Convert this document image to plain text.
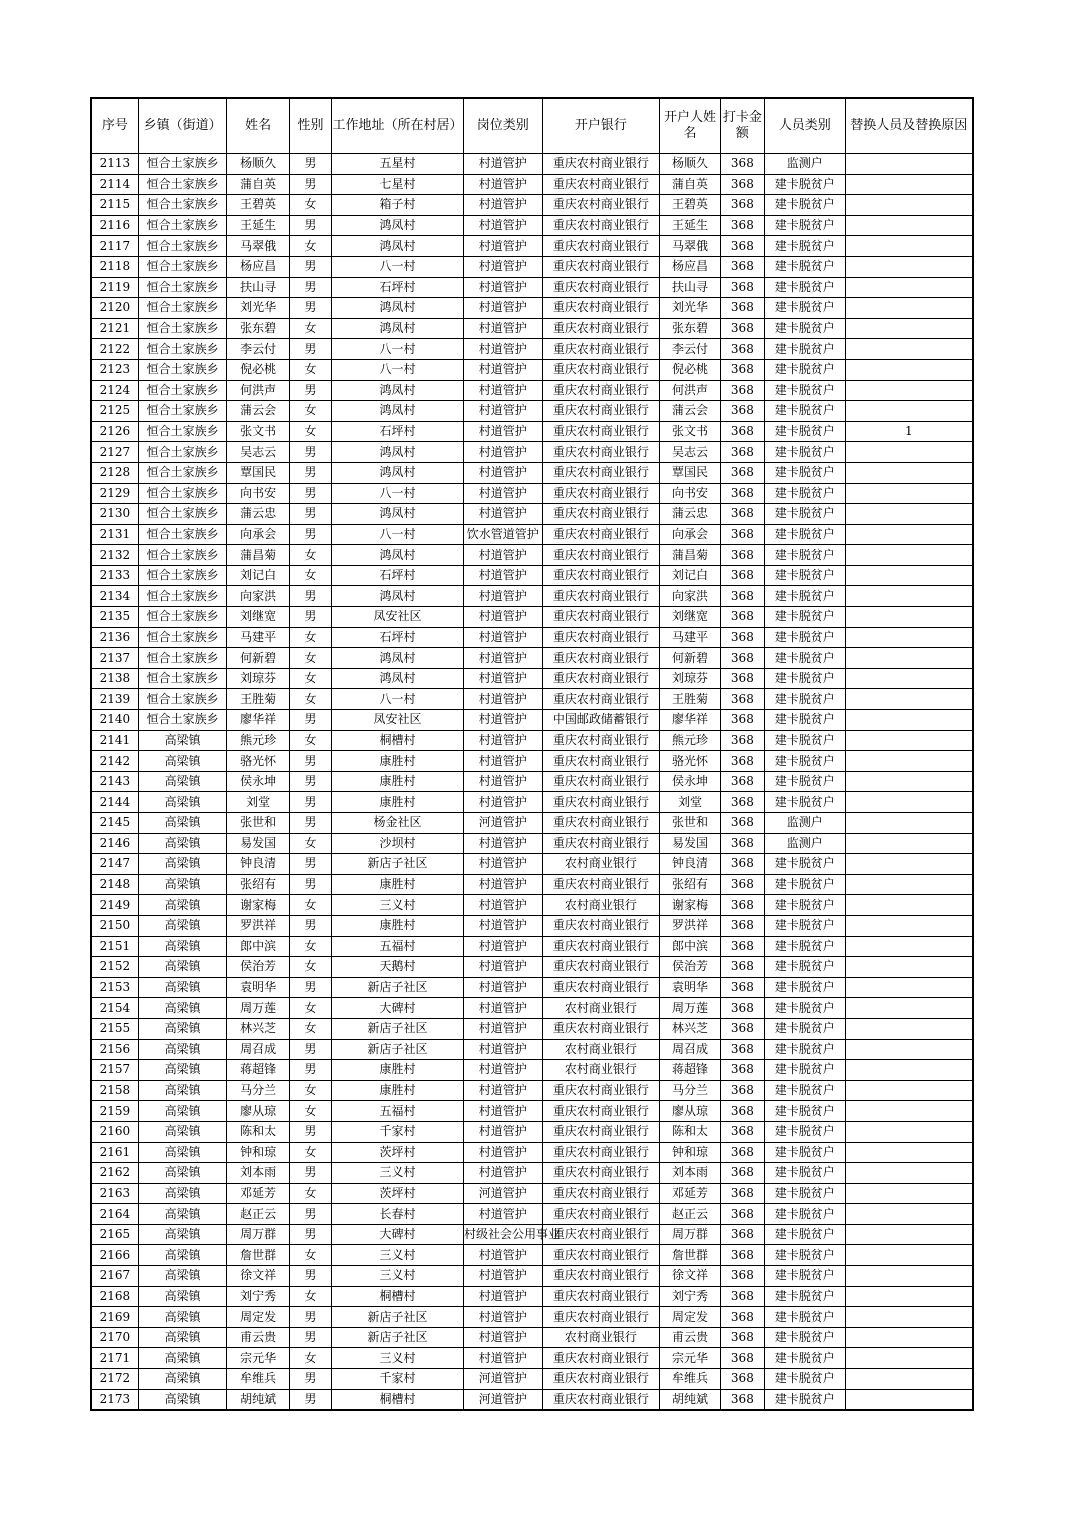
序号	乡镇（街道）	姓名	性别	工作地址（所在村居）	岗位类别	开户银行	开户人姓名	打卡金额	人员类别	替换人员及替换原因

2113	恒合土家族乡	杨顺久	男	五星村	村道管护	重庆农村商业银行	杨顺久	368	监测户	

2114	恒合土家族乡	蒲自英	男	七星村	村道管护	重庆农村商业银行	蒲自英	368	建卡脱贫户	

2115	恒合土家族乡	王碧英	女	箱子村	村道管护	重庆农村商业银行	王碧英	368	建卡脱贫户	

2116	恒合土家族乡	王延生	男	鸿凤村	村道管护	重庆农村商业银行	王延生	368	建卡脱贫户	

2117	恒合土家族乡	马翠俄	女	鸿凤村	村道管护	重庆农村商业银行	马翠俄	368	建卡脱贫户	

2118	恒合土家族乡	杨应昌	男	八一村	村道管护	重庆农村商业银行	杨应昌	368	建卡脱贫户	

2119	恒合土家族乡	扶山寻	男	石坪村	村道管护	重庆农村商业银行	扶山寻	368	建卡脱贫户	

2120	恒合土家族乡	刘光华	男	鸿凤村	村道管护	重庆农村商业银行	刘光华	368	建卡脱贫户	

2121	恒合土家族乡	张东碧	女	鸿凤村	村道管护	重庆农村商业银行	张东碧	368	建卡脱贫户	

2122	恒合土家族乡	李云付	男	八一村	村道管护	重庆农村商业银行	李云付	368	建卡脱贫户	

2123	恒合土家族乡	倪必桃	女	八一村	村道管护	重庆农村商业银行	倪必桃	368	建卡脱贫户	

2124	恒合土家族乡	何洪声	男	鸿凤村	村道管护	重庆农村商业银行	何洪声	368	建卡脱贫户	

2125	恒合土家族乡	蒲云会	女	鸿凤村	村道管护	重庆农村商业银行	蒲云会	368	建卡脱贫户	

2126	恒合土家族乡	张文书	女	石坪村	村道管护	重庆农村商业银行	张文书	368	建卡脱贫户	1

2127	恒合土家族乡	吴志云	男	鸿凤村	村道管护	重庆农村商业银行	吴志云	368	建卡脱贫户	

2128	恒合土家族乡	覃国民	男	鸿凤村	村道管护	重庆农村商业银行	覃国民	368	建卡脱贫户	

2129	恒合土家族乡	向书安	男	八一村	村道管护	重庆农村商业银行	向书安	368	建卡脱贫户	

2130	恒合土家族乡	蒲云忠	男	鸿凤村	村道管护	重庆农村商业银行	蒲云忠	368	建卡脱贫户	

2131	恒合土家族乡	向承会	男	八一村	饮水管道管护	重庆农村商业银行	向承会	368	建卡脱贫户	

2132	恒合土家族乡	蒲昌菊	女	鸿凤村	村道管护	重庆农村商业银行	蒲昌菊	368	建卡脱贫户	

2133	恒合土家族乡	刘记白	女	石坪村	村道管护	重庆农村商业银行	刘记白	368	建卡脱贫户	

2134	恒合土家族乡	向家洪	男	鸿凤村	村道管护	重庆农村商业银行	向家洪	368	建卡脱贫户	

2135	恒合土家族乡	刘继宽	男	凤安社区	村道管护	重庆农村商业银行	刘继宽	368	建卡脱贫户	

2136	恒合土家族乡	马建平	女	石坪村	村道管护	重庆农村商业银行	马建平	368	建卡脱贫户	

2137	恒合土家族乡	何新碧	女	鸿凤村	村道管护	重庆农村商业银行	何新碧	368	建卡脱贫户	

2138	恒合土家族乡	刘琼芬	女	鸿凤村	村道管护	重庆农村商业银行	刘琼芬	368	建卡脱贫户	

2139	恒合土家族乡	王胜菊	女	八一村	村道管护	重庆农村商业银行	王胜菊	368	建卡脱贫户	

2140	恒合土家族乡	廖华祥	男	凤安社区	村道管护	中国邮政储蓄银行	廖华祥	368	建卡脱贫户	

2141	高梁镇	熊元珍	女	桐槽村	村道管护	重庆农村商业银行	熊元珍	368	建卡脱贫户	

2142	高梁镇	骆光怀	男	康胜村	村道管护	重庆农村商业银行	骆光怀	368	建卡脱贫户	

2143	高梁镇	侯永坤	男	康胜村	村道管护	重庆农村商业银行	侯永坤	368	建卡脱贫户	

2144	高梁镇	刘堂	男	康胜村	村道管护	重庆农村商业银行	刘堂	368	建卡脱贫户	

2145	高梁镇	张世和	男	杨金社区	河道管护	重庆农村商业银行	张世和	368	监测户	

2146	高梁镇	易发国	女	沙坝村	村道管护	重庆农村商业银行	易发国	368	监测户	

2147	高梁镇	钟良清	男	新店子社区	村道管护	农村商业银行	钟良清	368	建卡脱贫户	

2148	高梁镇	张绍有	男	康胜村	村道管护	重庆农村商业银行	张绍有	368	建卡脱贫户	

2149	高梁镇	谢家梅	女	三义村	村道管护	农村商业银行	谢家梅	368	建卡脱贫户	

2150	高梁镇	罗洪祥	男	康胜村	村道管护	重庆农村商业银行	罗洪祥	368	建卡脱贫户	

2151	高梁镇	郎中滨	女	五福村	村道管护	重庆农村商业银行	郎中滨	368	建卡脱贫户	

2152	高梁镇	侯治芳	女	天鹅村	村道管护	重庆农村商业银行	侯治芳	368	建卡脱贫户	

2153	高梁镇	袁明华	男	新店子社区	村道管护	重庆农村商业银行	袁明华	368	建卡脱贫户	

2154	高梁镇	周万莲	女	大碑村	村道管护	农村商业银行	周万莲	368	建卡脱贫户	

2155	高梁镇	林兴芝	女	新店子社区	村道管护	重庆农村商业银行	林兴芝	368	建卡脱贫户	

2156	高梁镇	周召成	男	新店子社区	村道管护	农村商业银行	周召成	368	建卡脱贫户	

2157	高梁镇	蒋超锋	男	康胜村	村道管护	农村商业银行	蒋超锋	368	建卡脱贫户	

2158	高梁镇	马分兰	女	康胜村	村道管护	重庆农村商业银行	马分兰	368	建卡脱贫户	

2159	高梁镇	廖从琼	女	五福村	村道管护	重庆农村商业银行	廖从琼	368	建卡脱贫户	

2160	高梁镇	陈和太	男	千家村	村道管护	重庆农村商业银行	陈和太	368	建卡脱贫户	

2161	高梁镇	钟和琼	女	茨坪村	村道管护	重庆农村商业银行	钟和琼	368	建卡脱贫户	

2162	高梁镇	刘本雨	男	三义村	村道管护	重庆农村商业银行	刘本雨	368	建卡脱贫户	

2163	高梁镇	邓延芳	女	茨坪村	河道管护	重庆农村商业银行	邓延芳	368	建卡脱贫户	

2164	高梁镇	赵正云	男	长春村	村道管护	重庆农村商业银行	赵正云	368	建卡脱贫户	

2165	高梁镇	周万群	男	大碑村	村级社会公用事业	重庆农村商业银行	周万群	368	建卡脱贫户	

2166	高梁镇	詹世群	女	三义村	村道管护	重庆农村商业银行	詹世群	368	建卡脱贫户	

2167	高梁镇	徐文祥	男	三义村	村道管护	重庆农村商业银行	徐文祥	368	建卡脱贫户	

2168	高梁镇	刘宁秀	女	桐槽村	村道管护	重庆农村商业银行	刘宁秀	368	建卡脱贫户	

2169	高梁镇	周定发	男	新店子社区	村道管护	重庆农村商业银行	周定发	368	建卡脱贫户	

2170	高梁镇	甫云贵	男	新店子社区	村道管护	农村商业银行	甫云贵	368	建卡脱贫户	

2171	高梁镇	宗元华	女	三义村	村道管护	重庆农村商业银行	宗元华	368	建卡脱贫户	

2172	高梁镇	牟维兵	男	千家村	河道管护	重庆农村商业银行	牟维兵	368	建卡脱贫户	

2173	高梁镇	胡纯斌	男	桐槽村	河道管护	重庆农村商业银行	胡纯斌	368	建卡脱贫户	
